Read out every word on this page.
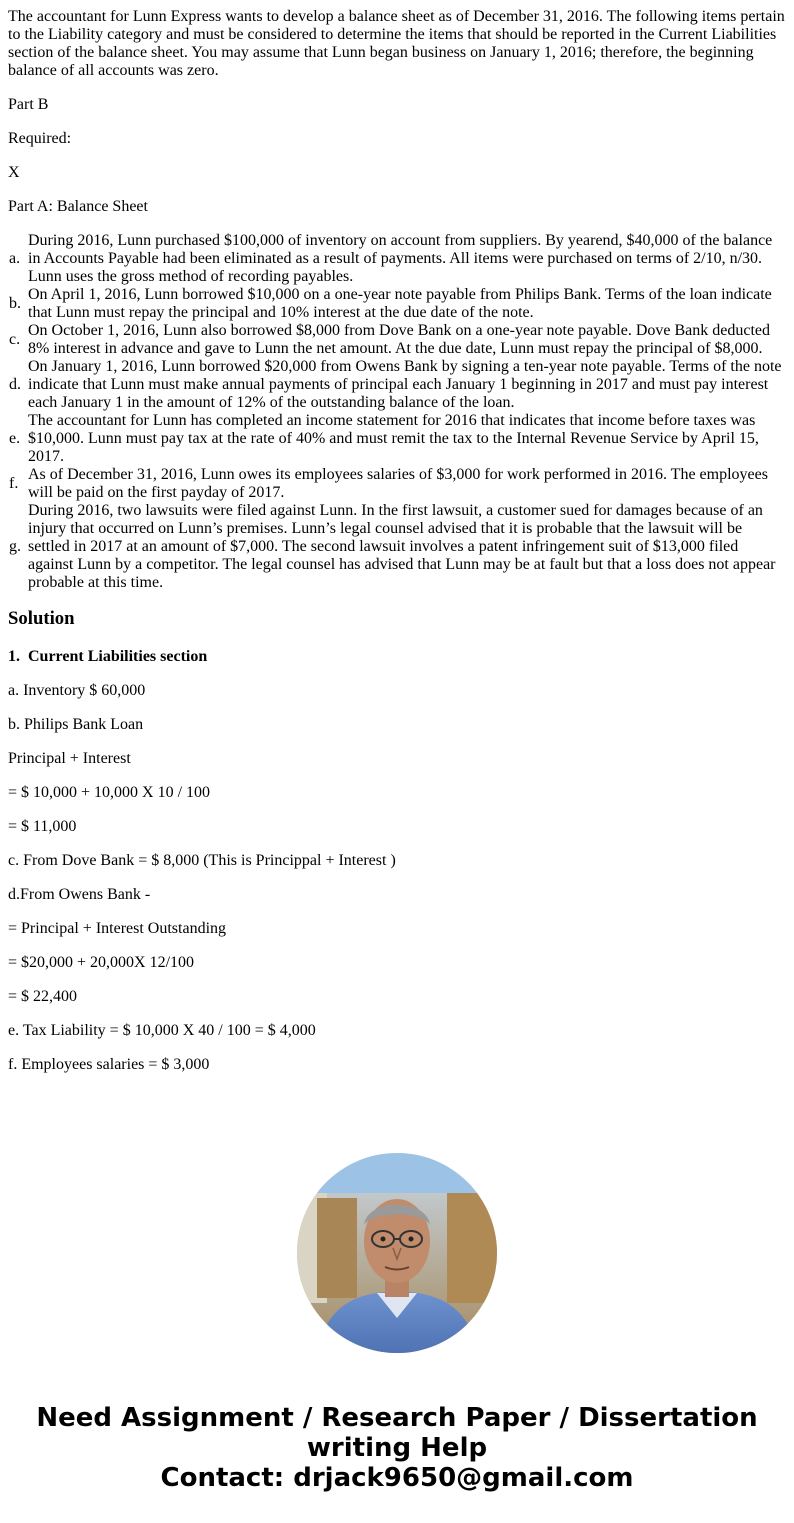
The accountant for Lunn Express wants to develop a balance sheet as of December 31, 2016. The following items pertain to the Liability category and must be considered to determine the items that should be reported in the Current Liabilities section of the balance sheet. You may assume that Lunn began business on January 1, 2016; therefore, the beginning balance of all accounts was zero.

Part B

Required:

X

Part A: Balance Sheet

a.	During 2016, Lunn purchased $100,000 of inventory on account from suppliers. By yearend, $40,000 of the balance in Accounts Payable had been eliminated as a result of payments. All items were purchased on terms of 2/10, n/30. Lunn uses the gross method of recording payables.
b.	On April 1, 2016, Lunn borrowed $10,000 on a one-year note payable from Philips Bank. Terms of the loan indicate that Lunn must repay the principal and 10% interest at the due date of the note.
c.	On October 1, 2016, Lunn also borrowed $8,000 from Dove Bank on a one-year note payable. Dove Bank deducted 8% interest in advance and gave to Lunn the net amount. At the due date, Lunn must repay the principal of $8,000.
d.	On January 1, 2016, Lunn borrowed $20,000 from Owens Bank by signing a ten-year note payable. Terms of the note indicate that Lunn must make annual payments of principal each January 1 beginning in 2017 and must pay interest each January 1 in the amount of 12% of the outstanding balance of the loan.
e.	The accountant for Lunn has completed an income statement for 2016 that indicates that income before taxes was $10,000. Lunn must pay tax at the rate of 40% and must remit the tax to the Internal Revenue Service by April 15, 2017.
f.	As of December 31, 2016, Lunn owes its employees salaries of $3,000 for work performed in 2016. The employees will be paid on the first payday of 2017.
g.	During 2016, two lawsuits were filed against Lunn. In the first lawsuit, a customer sued for damages because of an injury that occurred on Lunn’s premises. Lunn’s legal counsel advised that it is probable that the lawsuit will be settled in 2017 at an amount of $7,000. The second lawsuit involves a patent infringement suit of $13,000 filed against Lunn by a competitor. The legal counsel has advised that Lunn may be at fault but that a loss does not appear probable at this time.
Solution

1.  Current Liabilities section

a. Inventory $ 60,000

b. Philips Bank Loan

Principal + Interest

= $ 10,000 + 10,000 X 10 / 100

= $ 11,000

c. From Dove Bank = $ 8,000 (This is Princippal + Interest )

d.From Owens Bank -

= Principal + Interest Outstanding

= $20,000 + 20,000X 12/100

= $ 22,400

e. Tax Liability = $ 10,000 X 40 / 100 = $ 4,000

f. Employees salaries = $ 3,000

Need Assignment / Research Paper / Dissertation
writing Help
Contact: drjack9650@gmail.com
